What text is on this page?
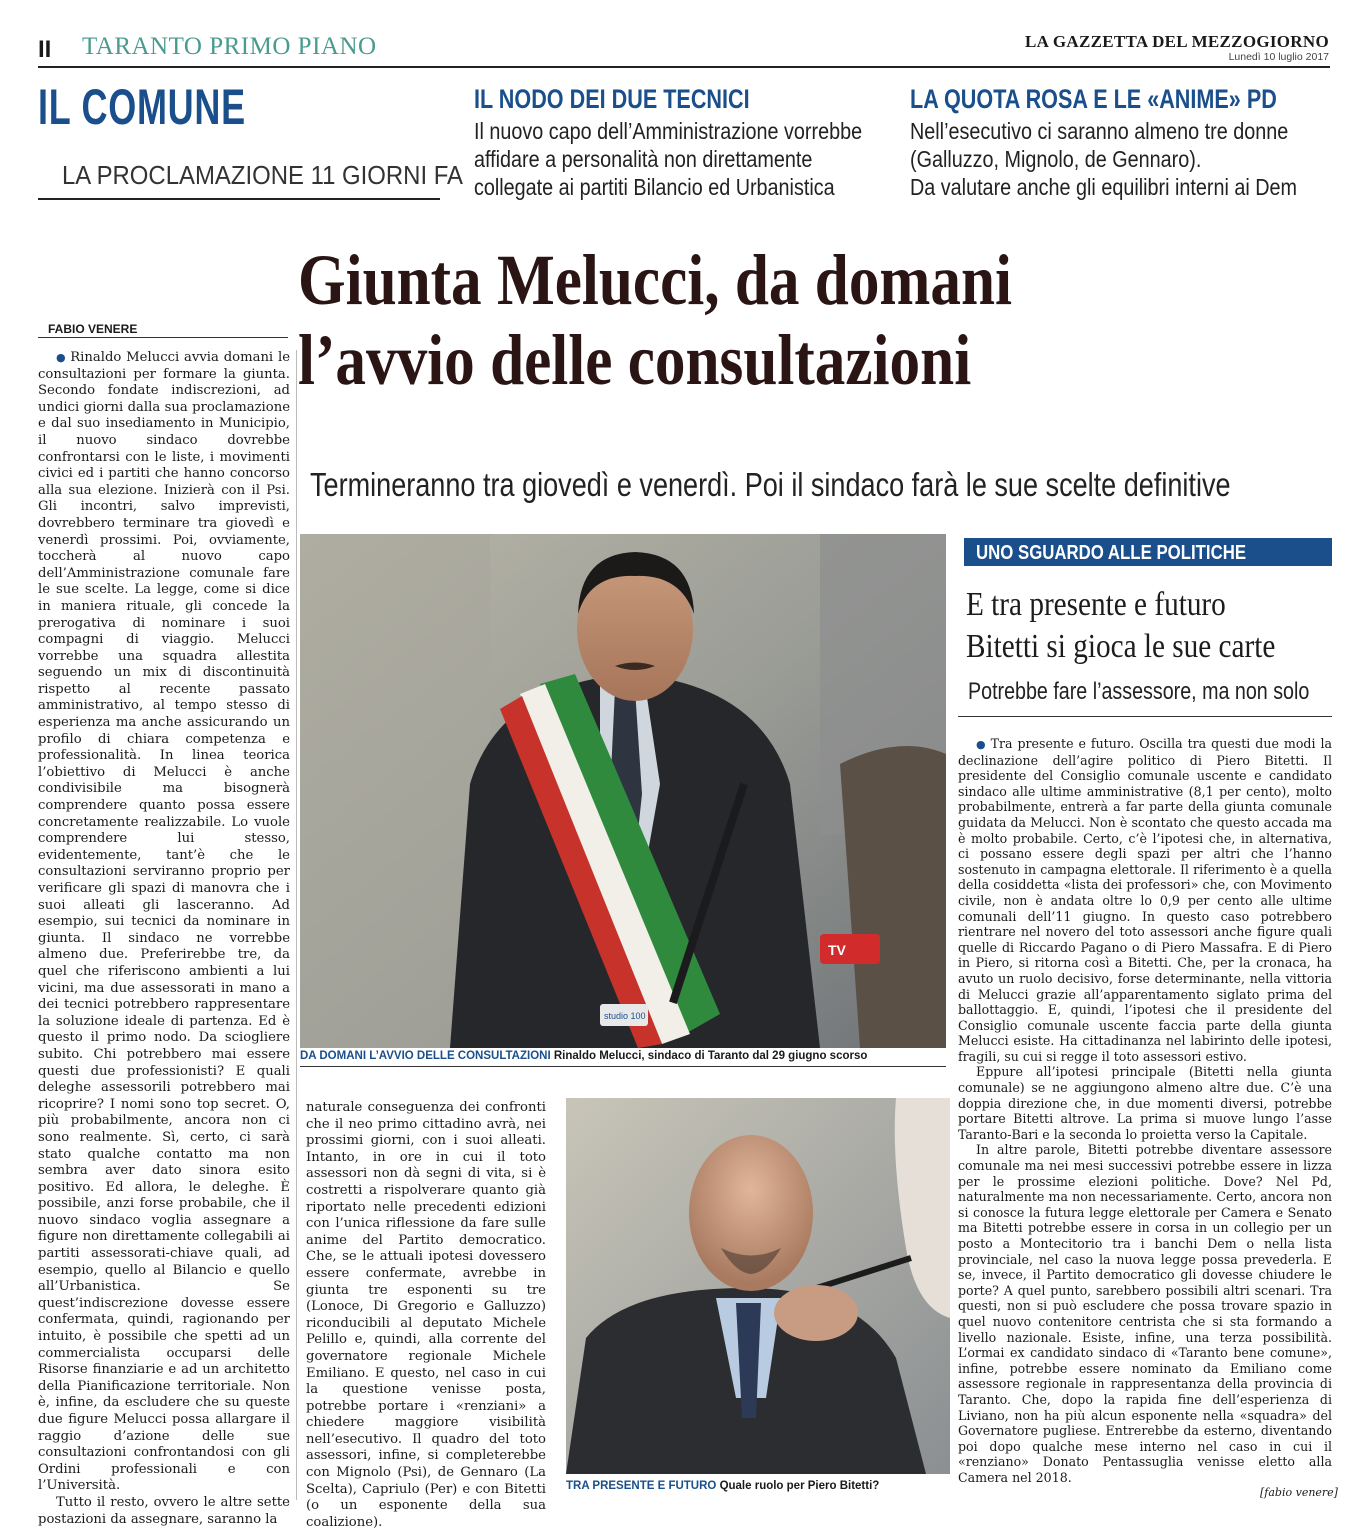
II TARANTO PRIMO PIANO	LA GAZZETTA DEL MEZZOGIORNO
Lunedì 10 luglio 2017
IL COMUNE
LA PROCLAMAZIONE 11 GIORNI FA
IL NODO DEI DUE TECNICI
Il nuovo capo dell’Amministrazione vorrebbe
affidare a personalità non direttamente
collegate ai partiti Bilancio ed Urbanistica
LA QUOTA ROSA E LE «ANIME» PD
Nell’esecutivo ci saranno almeno tre donne
(Galluzzo, Mignolo, de Gennaro).
Da valutare anche gli equilibri interni ai Dem
Giunta Melucci, da domani
l’avvio delle consultazioni
Termineranno tra giovedì e venerdì. Poi il sindaco farà le sue scelte definitive
FABIO VENERE

● Rinaldo Melucci avvia domani le consultazioni per formare la giunta. Secondo fondate indiscrezioni, ad undici giorni dalla sua proclamazione e dal suo insediamento in Municipio, il nuovo sindaco dovrebbe confrontarsi con le liste, i movimenti civici ed i partiti che hanno concorso alla sua elezione. Inizierà con il Psi. Gli incontri, salvo imprevisti, dovrebbero terminare tra giovedì e venerdì prossimi. Poi, ovviamente, toccherà al nuovo capo dell’Amministrazione comunale fare le sue scelte. La legge, come si dice in maniera rituale, gli concede la prerogativa di nominare i suoi compagni di viaggio. Melucci vorrebbe una squadra allestita seguendo un mix di discontinuità rispetto al recente passato amministrativo, al tempo stesso di esperienza ma anche assicurando un profilo di chiara competenza e professionalità. In linea teorica l’obiettivo di Melucci è anche condivisibile ma bisognerà comprendere quanto possa essere concretamente realizzabile. Lo vuole comprendere lui stesso, evidentemente, tant’è che le consultazioni serviranno proprio per verificare gli spazi di manovra che i suoi alleati gli lasceranno. Ad esempio, sui tecnici da nominare in giunta. Il sindaco ne vorrebbe almeno due. Preferirebbe tre, da quel che riferiscono ambienti a lui vicini, ma due assessorati in mano a dei tecnici potrebbero rappresentare la soluzione ideale di partenza. Ed è questo il primo nodo. Da sciogliere subito. Chi potrebbero mai essere questi due professionisti? E quali deleghe assessorili potrebbero mai ricoprire? I nomi sono top secret. O, più probabilmente, ancora non ci sono realmente. Sì, certo, ci sarà stato qualche contatto ma non sembra aver dato sinora esito positivo. Ed allora, le deleghe. È possibile, anzi forse probabile, che il nuovo sindaco voglia assegnare a figure non direttamente collegabili ai partiti assessorati-chiave quali, ad esempio, quello al Bilancio e quello all’Urbanistica. Se quest’indiscrezione dovesse essere confermata, quindi, ragionando per intuito, è possibile che spetti ad un commercialista occuparsi delle Risorse finanziarie e ad un architetto della Pianificazione territoriale. Non è, infine, da escludere che su queste due figure Melucci possa allargare il raggio d’azione delle sue consultazioni confrontandosi con gli Ordini professionali e con l’Università.

Tutto il resto, ovvero le altre sette postazioni da assegnare, saranno la

naturale conseguenza dei confronti che il neo primo cittadino avrà, nei prossimi giorni, con i suoi alleati. Intanto, in ore in cui il toto assessori non dà segni di vita, si è costretti a rispolverare quanto già riportato nelle precedenti edizioni con l’unica riflessione da fare sulle anime del Partito democratico. Che, se le attuali ipotesi dovessero essere confermate, avrebbe in giunta tre esponenti su tre (Lonoce, Di Gregorio e Galluzzo) riconducibili al deputato Michele Pelillo e, quindi, alla corrente del governatore regionale Michele Emiliano. E questo, nel caso in cui la questione venisse posta, potrebbe portare i «renziani» a chiedere maggiore visibilità nell’esecutivo. Il quadro del toto assessori, infine, si completerebbe con Mignolo (Psi), de Gennaro (La Scelta), Capriulo (Per) e con Bitetti (o un esponente della sua coalizione).

TV
studio 100
DA DOMANI L’AVVIO DELLE CONSULTAZIONI Rinaldo Melucci, sindaco di Taranto dal 29 giugno scorso
TRA PRESENTE E FUTURO Quale ruolo per Piero Bitetti?
UNO SGUARDO ALLE POLITICHE
E tra presente e futuro
Bitetti si gioca le sue carte
Potrebbe fare l’assessore, ma non solo

● Tra presente e futuro. Oscilla tra questi due modi la declinazione dell’agire politico di Piero Bitetti. Il presidente del Consiglio comunale uscente e candidato sindaco alle ultime amministrative (8,1 per cento), molto probabilmente, entrerà a far parte della giunta comunale guidata da Melucci. Non è scontato che questo accada ma è molto probabile. Certo, c’è l’ipotesi che, in alternativa, ci possano essere degli spazi per altri che l’hanno sostenuto in campagna elettorale. Il riferimento è a quella della cosiddetta «lista dei professori» che, con Movimento civile, non è andata oltre lo 0,9 per cento alle ultime comunali dell’11 giugno. In questo caso potrebbero rientrare nel novero del toto assessori anche figure quali quelle di Riccardo Pagano o di Piero Massafra. E di Piero in Piero, si ritorna così a Bitetti. Che, per la cronaca, ha avuto un ruolo decisivo, forse determinante, nella vittoria di Melucci grazie all’apparentamento siglato prima del ballottaggio. E, quindi, l’ipotesi che il presidente del Consiglio comunale uscente faccia parte della giunta Melucci esiste. Ha cittadinanza nel labirinto delle ipotesi, fragili, su cui si regge il toto assessori estivo.

Eppure all’ipotesi principale (Bitetti nella giunta comunale) se ne aggiungono almeno altre due. C’è una doppia direzione che, in due momenti diversi, potrebbe portare Bitetti altrove. La prima si muove lungo l’asse Taranto-Bari e la seconda lo proietta verso la Capitale.

In altre parole, Bitetti potrebbe diventare assessore comunale ma nei mesi successivi potrebbe essere in lizza per le prossime elezioni politiche. Dove? Nel Pd, naturalmente ma non necessariamente. Certo, ancora non si conosce la futura legge elettorale per Camera e Senato ma Bitetti potrebbe essere in corsa in un collegio per un posto a Montecitorio tra i banchi Dem o nella lista provinciale, nel caso la nuova legge possa prevederla. E se, invece, il Partito democratico gli dovesse chiudere le porte? A quel punto, sarebbero possibili altri scenari. Tra questi, non si può escludere che possa trovare spazio in quel nuovo contenitore centrista che si sta formando a livello nazionale. Esiste, infine, una terza possibilità. L’ormai ex candidato sindaco di «Taranto bene comune», infine, potrebbe essere nominato da Emiliano come assessore regionale in rappresentanza della provincia di Taranto. Che, dopo la rapida fine dell’esperienza di Liviano, non ha più alcun esponente nella «squadra» del Governatore pugliese. Entrerebbe da esterno, diventando poi dopo qualche mese interno nel caso in cui il «renziano» Donato Pentassuglia venisse eletto alla Camera nel 2018.

[fabio venere]
